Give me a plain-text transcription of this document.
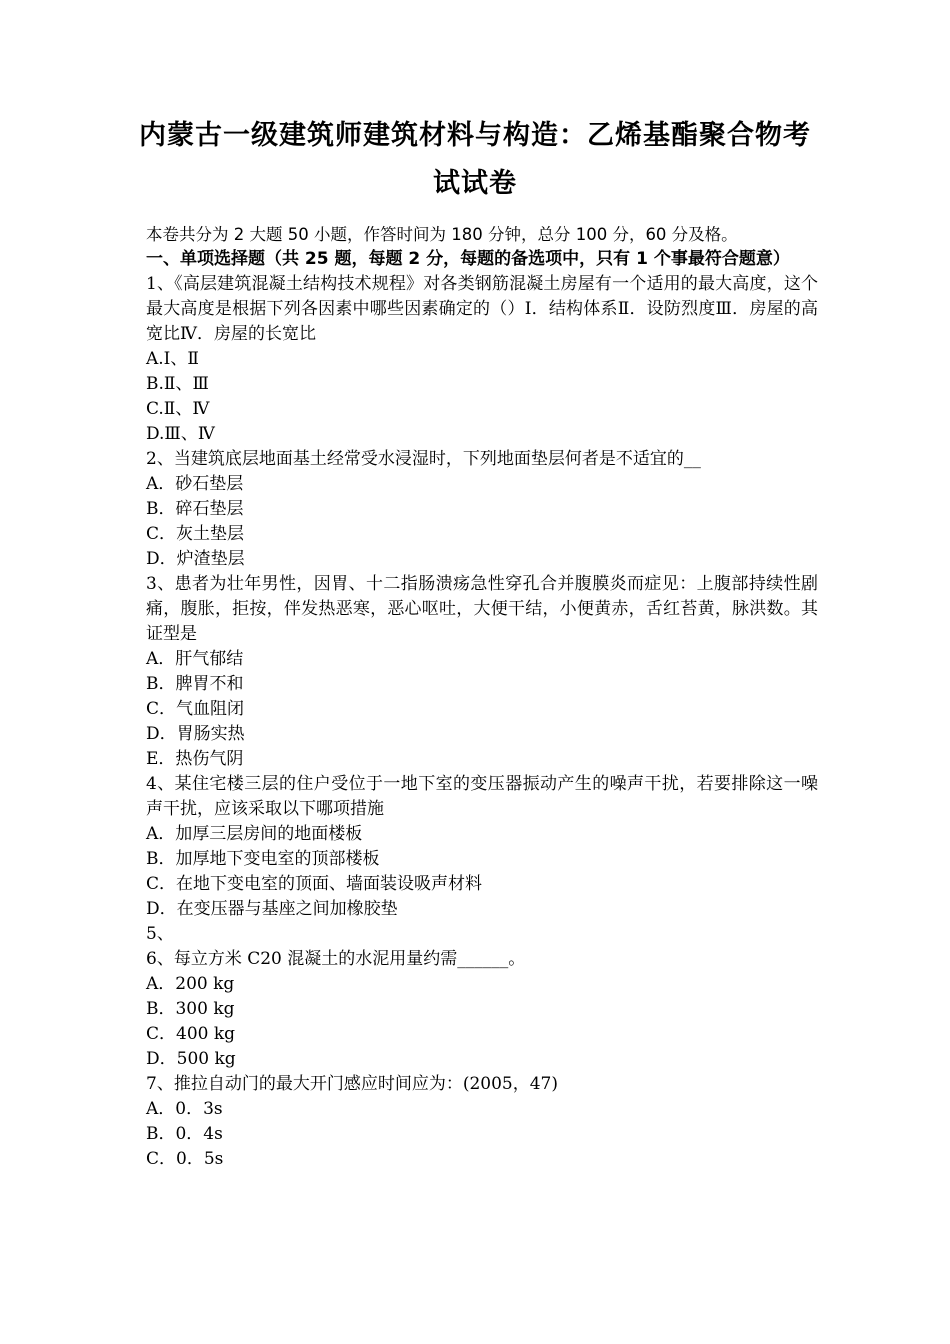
内蒙古一级建筑师建筑材料与构造：乙烯基酯聚合物考试试卷
本卷共分为 2 大题 50 小题，作答时间为 180 分钟，总分 100 分，60 分及格。
一、单项选择题（共 25 题，每题 2 分，每题的备选项中，只有 1 个事最符合题意）
1、《高层建筑混凝土结构技术规程》对各类钢筋混凝土房屋有一个适用的最大高度，这个最大高度是根据下列各因素中哪些因素确定的（）Ⅰ．结构体系Ⅱ．设防烈度Ⅲ．房屋的高宽比Ⅳ．房屋的长宽比
A.Ⅰ、Ⅱ
B.Ⅱ、Ⅲ
C.Ⅱ、Ⅳ
D.Ⅲ、Ⅳ
2、当建筑底层地面基土经常受水浸湿时，下列地面垫层何者是不适宜的__
A．砂石垫层
B．碎石垫层
C．灰土垫层
D．炉渣垫层
3、患者为壮年男性，因胃、十二指肠溃疡急性穿孔合并腹膜炎而症见：上腹部持续性剧痛，腹胀，拒按，伴发热恶寒，恶心呕吐，大便干结，小便黄赤，舌红苔黄，脉洪数。其证型是
A．肝气郁结
B．脾胃不和
C．气血阻闭
D．胃肠实热
E．热伤气阴
4、某住宅楼三层的住户受位于一地下室的变压器振动产生的噪声干扰，若要排除这一噪声干扰，应该采取以下哪项措施
A．加厚三层房间的地面楼板
B．加厚地下变电室的顶部楼板
C．在地下变电室的顶面、墙面装设吸声材料
D．在变压器与基座之间加橡胶垫
5、
6、每立方米 C20 混凝土的水泥用量约需______。
A．200 kg
B．300 kg
C．400 kg
D．500 kg
7、推拉自动门的最大开门感应时间应为：(2005，47)
A．0．3s
B．0．4s
C．0．5s
